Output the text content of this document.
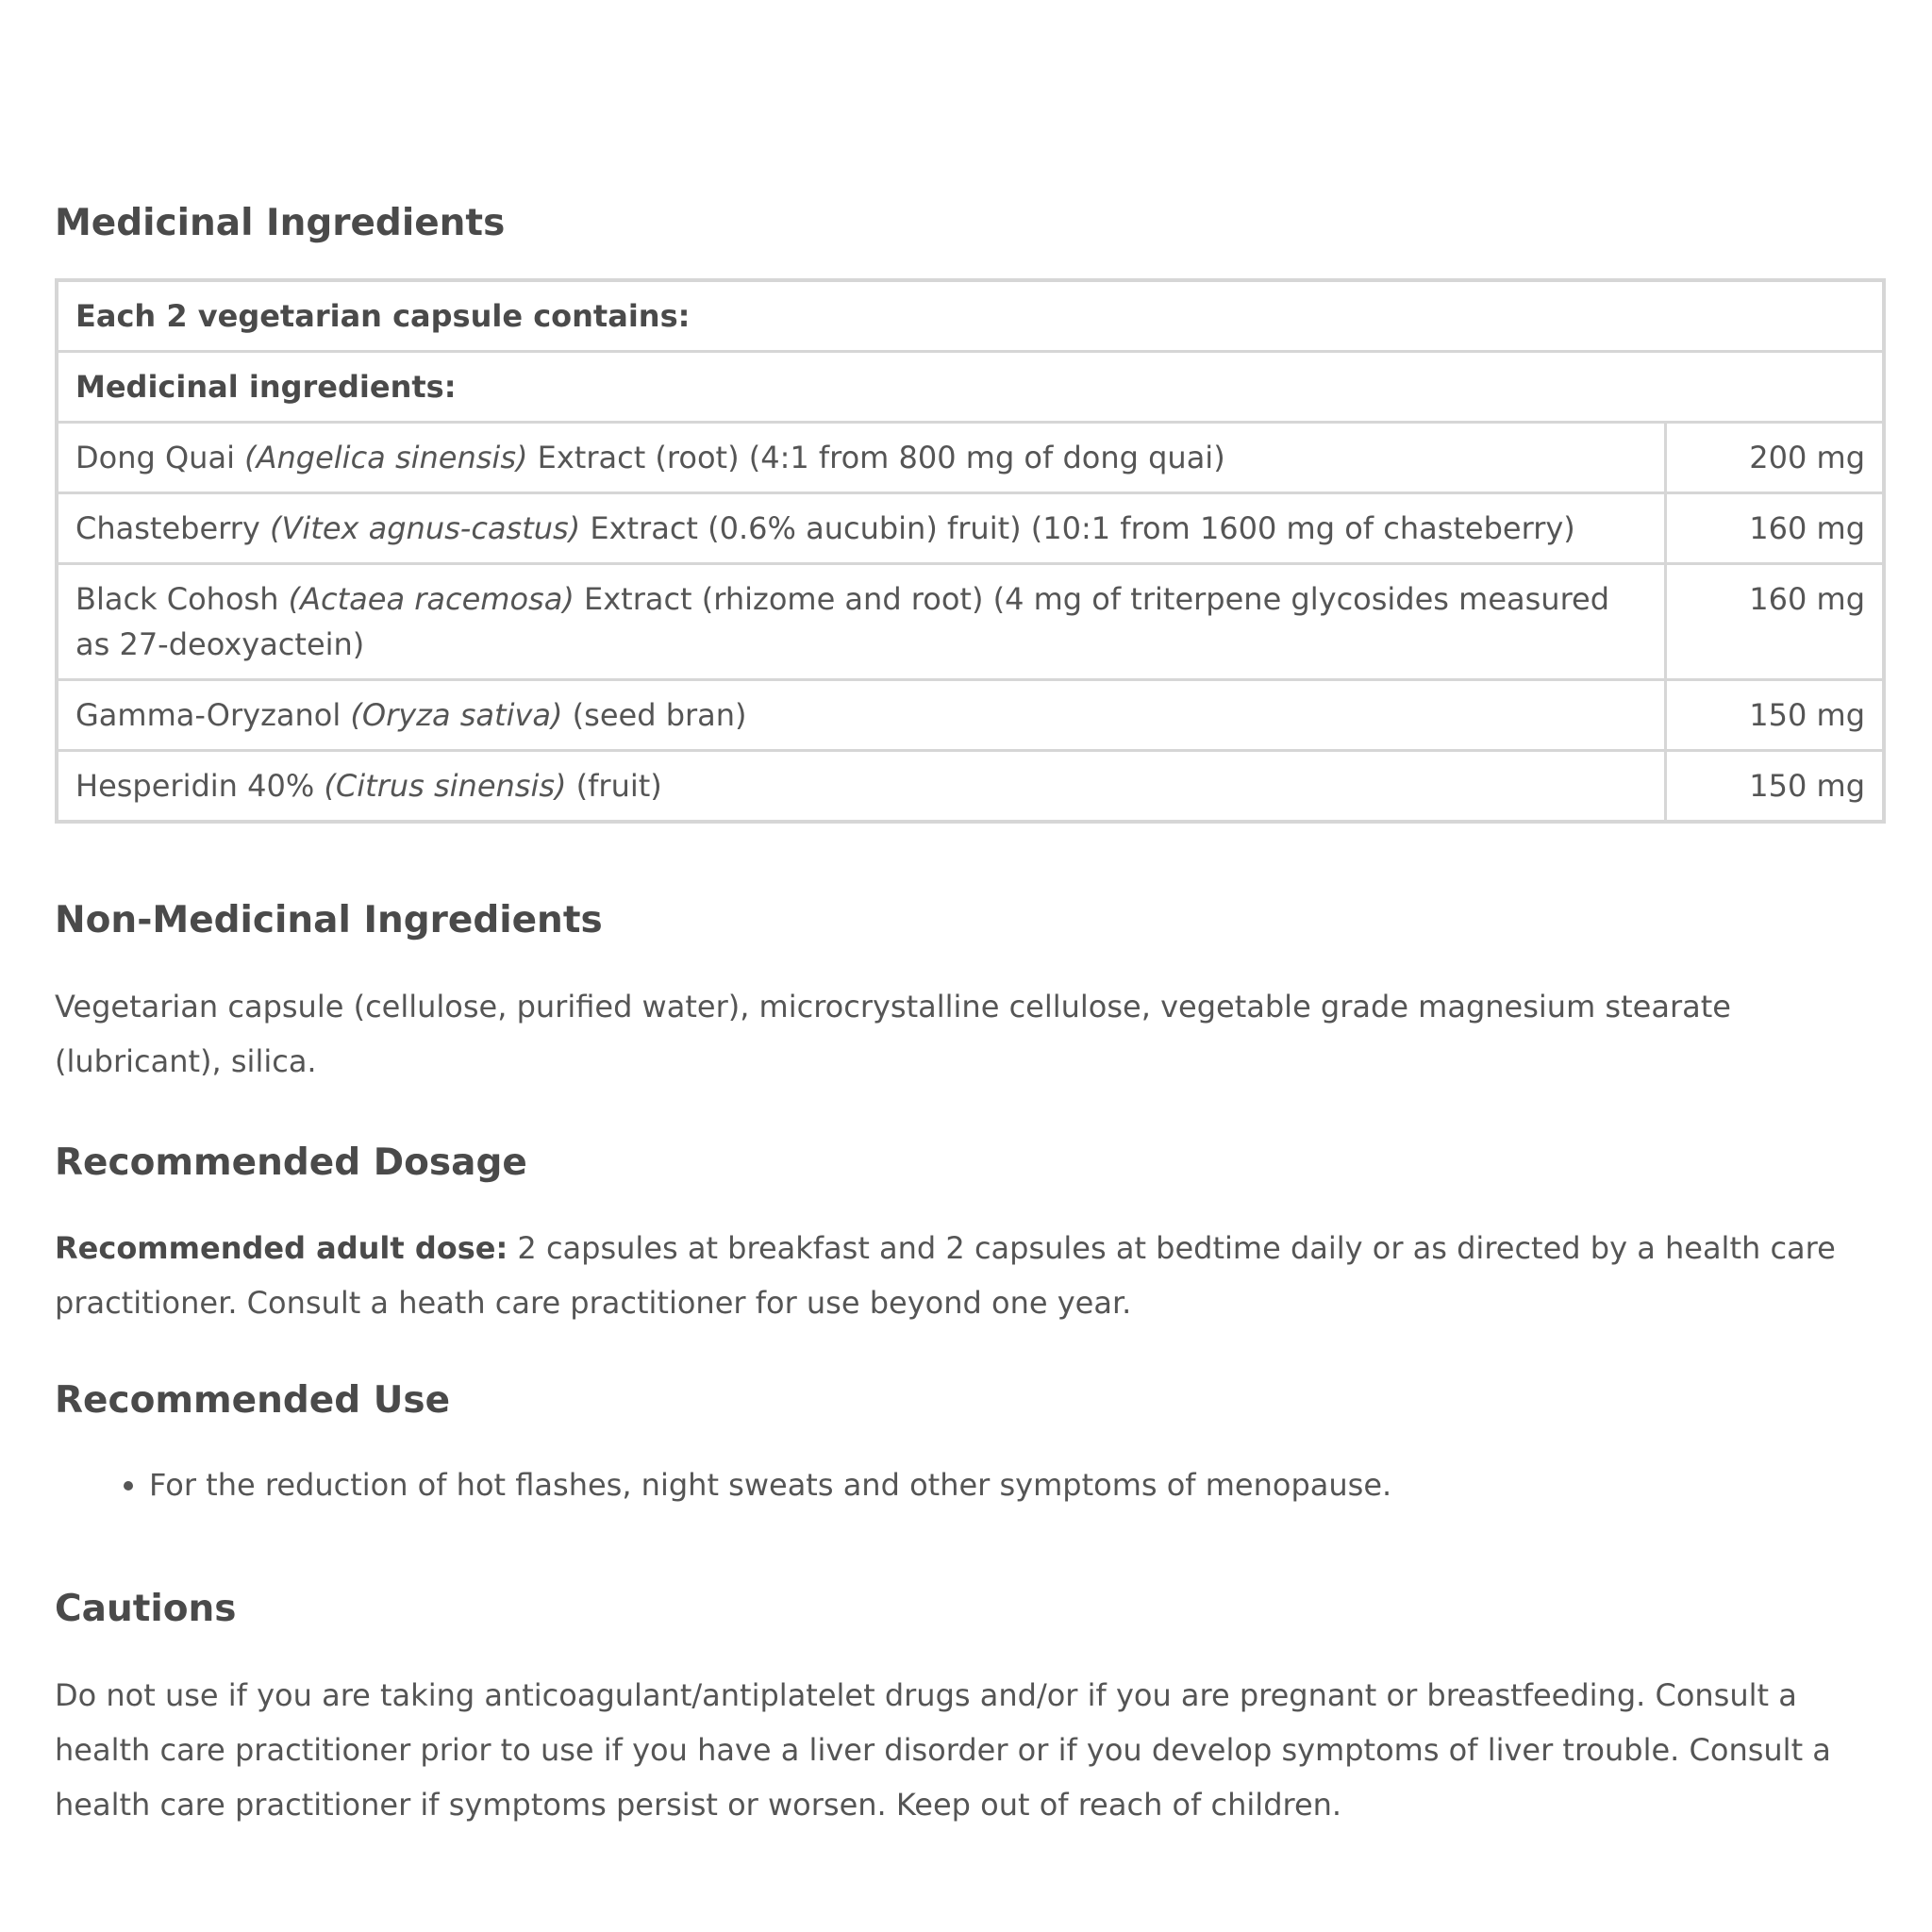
Medicinal Ingredients
Each 2 vegetarian capsule contains:	
Medicinal ingredients:	
Dong Quai (Angelica sinensis) Extract (root) (4:1 from 800 mg of dong quai)	200 mg
Chasteberry (Vitex agnus-castus) Extract (0.6% aucubin) fruit) (10:1 from 1600 mg of chasteberry)	160 mg
Black Cohosh (Actaea racemosa) Extract (rhizome and root) (4 mg of triterpene glycosides measured as 27-deoxyactein)	160 mg
Gamma-Oryzanol (Oryza sativa) (seed bran)	150 mg
Hesperidin 40% (Citrus sinensis) (fruit)	150 mg
Non-Medicinal Ingredients

Vegetarian capsule (cellulose, purified water), microcrystalline cellulose, vegetable grade magnesium stearate (lubricant), silica.

Recommended Dosage

Recommended adult dose: 2 capsules at breakfast and 2 capsules at bedtime daily or as directed by a health care practitioner. Consult a heath care practitioner for use beyond one year.

Recommended Use
• For the reduction of hot flashes, night sweats and other symptoms of menopause.
Cautions

Do not use if you are taking anticoagulant/antiplatelet drugs and/or if you are pregnant or breastfeeding. Consult a health care practitioner prior to use if you have a liver disorder or if you develop symptoms of liver trouble. Consult a health care practitioner if symptoms persist or worsen. Keep out of reach of children.
